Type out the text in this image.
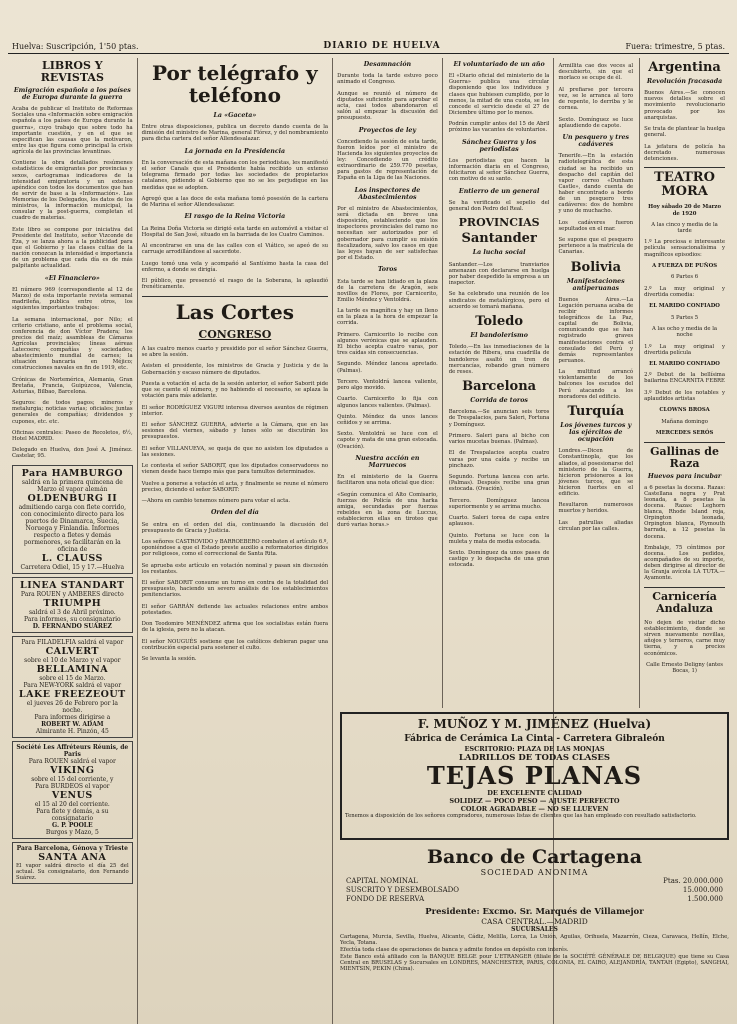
Huelva: Suscripción, 1'50 ptas.	DIARIO DE HUELVA	Fuera: trimestre, 5 ptas.
LIBROS Y REVISTAS
Emigración española a los países de Europa durante la guerra

Acaba de publicar el Instituto de Reformas Sociales una «Información sobre emigración española a los países de Europa durante la guerra», cuyo trabajo que sobre todo ha importante cuestión, y en el que se especifican las causas que la motivaron, entre las que figura como principal la crisis agrícola de las provincias levantinas.

Contiene la obra detallados resúmenes estadísticos de emigrantes por provincias y sexos, cartogramas indicadores de la intensidad emigratoria y un extenso apéndice con todos los documentos que han de servir de base a la «Información». Las Memorias de los Delegados, los datos de los ministros, la información municipal, la consular y la post-guerra, completan el cuadro de materias.

Este libro se compone por iniciativa del Presidente del Instituto, señor Vizconde de Eza, y se lanza ahora a la publicidad para que el Gobierno y las clases cultas de la nación conozcan la intensidad e importancia de un problema que cada día es de más palpitante actualidad.

«El Financiero»

El número 969 (correspondiente al 12 de Marzo) de esta importante revista semanal madrileña, publica entre otros, los siguientes importantes trabajos:

La semana internacional, por Nilo; el criterio cristiano, ante el problema social, conferencia de don Víctor Pradera; los precios del maíz; asambleas de Cámaras Agrícolas provinciales; líneas aéreas Latecoere; compañías y sociedades; abastecimiento mundial de carnes; la situación bancaria en Méjico; construcciones navales en fin de 1919, etc.

Crónicas de Nortemérica, Alemania, Gran Bretaña, Francia, Guipúzcoa, Valencia, Asturias, Bilbao, Barcelona.

Seguros: de todos pagos; mineros y metalurgia; noticias varias; oficiales; juntas generales de compañías; dividendos y cupones, etc. etc.

Oficinas centrales: Paseo de Recoletos, 6½, Hotel MADRID.

Delegado en Huelva, don José A. Jiménez. Castelar, 95.

Para HAMBURGO
saldrá en la primera quincena de Marzo el vapor alemán
OLDENBURG II
admitiendo carga con flete corrido, con conocimiento directo para los puertos de Dinamarca, Suecia, Noruega y Finlandia. Informes respecto a fletes y demás pormenores, se facilitarán en la oficina de
L. CLAUSS
Carretera Odiel, 15 y 17.—Huelva
LINEA STANDART
Para ROUEN y AMBERES directo
TRIUMPH
saldrá el 3 de Abril próximo.
Para informes, su consignatario
D. FERNANDO SUAREZ
Para FILADELFIA saldrá el vapor
CALVERT
sobre el 10 de Marzo y el vapor
BELLAMINA
sobre el 15 de Marzo.
Para NEW-YORK saldrá el vapor
LAKE FREEZEOUT
el jueves 26 de Febrero por la noche.
Para informes dirigirse a
ROBERT W. ADAM
Almirante H. Pinzón, 45
Société Les Affréteurs Réunis, de Paris
Para ROUEN saldrá el vapor
VIKING
sobre el 15 del corriente, y
Para BURDEOS el vapor
VENUS
el 15 al 20 del corriente.
Para flete y demás, a su consignatario
G. P. POOLE
Burgos y Mazo, 5
Para Barcelona, Génova y Trieste
SANTA ANA
El vapor saldrá directo el día 25 del actual. Su consignatario, don Fernando Suárez.
Por telégrafo y teléfono
La «Gaceta»

Entre otras disposiciones, publica un decreto dando cuenta de la dimisión del ministro de Marina, general Flórez, y del nombramiento para dicha cartera del señor Allendesalazar.

La jornada en la Presidencia

En la conversación de esta mañana con los periodistas, les manifestó el señor Canals que el Presidente había recibido un extenso telegrama firmado por todas las sociedades de propietarios catalanes, pidiendo al Gobierno que no se les perjudique en las medidas que se adopten.

Agregó que a las doce de esta mañana tomó posesión de la cartera de Marina el señor Allendesalazar.

El rasgo de la Reina Victoria

La Reina Doña Victoria se dirigió esta tarde en automóvil a visitar el Hospital de San José, situado en la barriada de los Cuatro Caminos.

Al encontrarse en una de las calles con el Viático, se apeó de su carruaje arrodillándose al sacerdote.

Luego tomó una vela y acompañó al Santísimo hasta la casa del enfermo, a donde se dirigía.

El público, que presenció el rasgo de la Soberana, la aplaudió frenéticamente.

Las Cortes
CONGRESO

A las cuatro menos cuarto y presidido por el señor Sánchez Guerra, se abre la sesión.

Asisten el presidente, los ministros de Gracia y Justicia y de la Gobernación y escaso número de diputados.

Puesta a votación el acta de la sesión anterior, el señor Saborit pide que se cuente el número, y no habiendo el necesario, se aplaza la votación para más adelante.

El señor RODRÍGUEZ VIGURI interesa diversos asuntos de régimen interior.

El señor SÁNCHEZ GUERRA, advierte a la Cámara, que en las sesiones del viernes, sábado y lunes sólo se discutirán los presupuestos.

El señor VILLANUEVA, se queja de que no asisten los diputados a las sesiones.

Le contesta el señor SABORIT, que los diputados conservadores no vienen desde hace tiempo más que para tumultos determinados.

Vuelve a ponerse a votación el acta, y finalmente se reune el número preciso, diciendo el señor SABORIT:

—Ahora en cambio tenemos número para votar el acta.

Orden del día

Se entra en el orden del día, continuando la discusión del presupuesto de Gracia y Justicia.

Los señores CASTROVIDO y BARROEBERO combaten el artículo 6.º, oponiéndose a que el Estado preste auxilio a reformatorios dirigidos por religiosos, como el correccional de Santa Rita.

Se aprueba este artículo en votación nominal y pasan sin discusión los restantes.

El señor SABORIT consume un turno en contra de la totalidad del presupuesto, haciendo un severo análisis de los establecimientos penitenciarios.

El señor GARRÁN defiende las actuales relaciones entre ambos potestades.

Don Teodomiro MENÉNDEZ afirma que los socialistas están fuera de la iglesia, pero no la atacan.

El señor NOUGUÉS sostiene que los católicos debieran pagar una contribución especial para sostener el culto.

Se levanta la sesión.

Desamnación

Durante toda la tarde estuvo poco animado el Congreso.

Aunque se reunió el número de diputados suficiente para aprobar el acta, casi todos abandonaron el salón al empezar la discusión del presupuesto.

Proyectos de ley

Concediendo la sesión de esta tarde, fueron leídos por el ministro de Hacienda los siguientes proyectos de ley: Concediendo un crédito extraordinario de 259.770 pesetas, para gastos de representación de España en la Liga de las Naciones.

Los inspectores de Abastecimientos

Por el ministro de Abastecimientos, será dictada en breve una disposición, estableciendo que los inspectores provinciales del ramo no necesitan ser autorizados por el gobernador para cumplir su misión fiscalizadora, salvo los casos en que las leyes hayan de ser satisfechas por el Estado.

Toros

Esta tarde se han lidiado en la plaza de la carretera de Aragón, seis novillos de Flores, por Carnicerito, Emilio Méndez y Ventoldrá.

La tarde es magnífica y hay un lleno en la plaza a la hora de empezar la corrida.

Primero. Carnicerito lo recibe con algunos verónicas que se aplauden. El bicho acepta cuatro varas, por tres caídas sin consecuencias.

Segundo. Méndez lancea apretado. (Palmas).

Tercero. Ventoldrá lancea valiente, pero algo movido.

Cuarto. Carnicerito lo fija con algunos lances valientes. (Palmas).

Quinto. Méndez da unos lances ceñidos y se arrima.

Sexto. Ventoldrá se luce con el capote y mata de una gran estocada. (Ovación).

Nuestra acción en Marruecos

En el ministerio de la Guerra facilitaron una nota oficial que dice:

«Según comunica el Alto Comisario, fuerzas de Policía de una harka amiga, secundadas por fuerzas rebeldes en la zona de Luccus, establecieron ellas en tiroteo que duró varias horas.»

El voluntariado de un año

El «Diario oficial del ministerio de la Guerra» publica una circular disponiendo que los individuos y clases que hubiesen cumplido, por lo menos, la mitad de una cuota, se les concede el servicio desde el 27 de Diciembre último por lo menos.

Podrán cumplir antes del 15 de Abril próximo las vacantes de voluntarios.

Sánchez Guerra y los periodistas

Los periodistas que hacen la información diaria en el Congreso, felicitaron al señor Sánchez Guerra, con motivo de su santo.

Entierro de un general

Se ha verificado el sepelio del general don Pedro del Real.

PROVINCIAS
Santander
La lucha social

Santander.—Los tranviarios amenazan con declararse en huelga por haber despedido la empresa a un inspector.

Se ha celebrado una reunión de los sindicatos de metalúrgicos, pero el acuerdo se tomará mañana.

Toledo
El bandolerismo

Toledo.—En las inmediaciones de la estación de Ribera, una cuadrilla de bandoleros asaltó un tren de mercancías, robando gran número de reses.

Barcelona
Corrida de toros

Barcelona.—Se anuncian seis toros de Trespalacios, para Saleri, Fortuna y Domínguez.

Primero. Saleri para al bicho con varios mucetas buenas. (Palmas).

El de Trespalacios acepta cuatro varas por una caída y recibe un pinchazo.

Segundo. Fortuna lancea con arte. (Palmas). Después recibe una gran estocada. (Ovación).

Tercero. Domínguez lancea superiormente y se arrima mucho.

Cuarto. Saleri torea de capa entre aplausos.

Quinto. Fortuna se luce con la muleta y mata de media estocada.

Sexto. Domínguez da unos pases de castigo y lo despacha de una gran estocada.

Armillita cae dos veces al descubierto, sin que el morlaco se ocupe de él.

Al prefiarse por tercera vez, se le arranca al toro de repente, lo derriba y le cornea.

Sexto. Domínguez se luce aplaudiendo de capote.

Un pesquero y tres cadáveres

Tenerife.—En la estación radiotelegráfica de esta ciudad se ha recibido un despacho del capitán del vapor correo «Dunham Castle», dando cuenta de haber encontrado a bordo de un pesquero tres cadáveres: dos de hombre y uno de muchacho.

Los cadáveres fueron sepultados en el mar.

Se supone que el pesquero pertenece a la matrícula de Canarias.

Bolivia
Manifestaciones antiperuanas

Buenos Aires.—La Legación peruana acaba de recibir informes telegráficos de La Paz, capital de Bolivia, comunicando que se han registrado graves manifestaciones contra el consulado del Perú y demás representantes peruanos.

La multitud arrancó violentamente de los balcones los escudos del Perú atacando a los moradores del edificio.

Turquía
Los jóvenes turcos y las ejércitos de ocupación

Londres.—Dicen de Constantinopla, que los aliados, al posesionarse del ministerio de la Guerra, hicieron prisioneros a los jóvenes turcos, que se hicieron fuertes en el edificio.

Resultaron numerosos muertos y heridos.

Las patrullas aliadas circulan por las calles.

Argentina
Revolución fracasada

Buenos Aires.—Se conocen nuevos detalles sobre el movimiento revolucionario provocado por los anarquistas.

Se trata de plantear la huelga general.

La jefatura de policía ha decretado numerosas detenciones.

TEATRO MORA

Hoy sábado 20 de Marzo de 1920

A las cinco y media de la tarde

1.º La preciosa e interesante película sensacionalísima y magníficos episodios:

A FUERZA DE PUÑOS

6 Partes 6

2.º La muy original y divertida comedia:

EL MARIDO CONFIADO

5 Partes 5

A las ocho y media de la noche

1.º La muy original y divertida película

EL MARIDO CONFIADO

2.º Debut de la bellísima bailarina ENCARNITA FEBRE

3.º Debut de los notables y aplaudidos artistas

CLOWNS BROSA

Mañana domingo

MERCEDES SERÓS

Gallinas de Raza
Huevos para incubar

a 6 pesetas la docena. Razas: Castellana negra y Prat leonada, a 8 pesetas la docena. Razas: Leghorn blanca, Rhode Island roja, Orpington leonada, Orpington blanca, Plymouth barrada, a 12 pesetas la docena.

Embalaje, 75 céntimos por docena. Los pedidos, acompañados de su importe, deben dirigirse al director de la Granja avícola LA TUTA.—Ayamonte.

Carnicería Andaluza

No dejen de visitar dicho establecimiento, donde se sirven nuevamente novillas, añojos y terneros, carne muy tierna, y a precios económicos.

Calle Ernesto Deligny (antes Bocas, 1)

F. MUÑOZ Y M. JIMÉNEZ (Huelva)
Fábrica de Cerámica La Cinta - Carretera Gibraleón
ESCRITORIO: PLAZA DE LAS MONJAS
LADRILLOS DE TODAS CLASES
TEJAS PLANAS
DE EXCELENTE CALIDAD
SOLIDEZ — POCO PESO — AJUSTE PERFECTO
COLOR AGRADABLE — NO SE LLUEVEN
Tenemos a disposición de los señores compradores, numerosas listas de clientes que las han empleado con resultado satisfactorio.
Banco de Cartagena
SOCIEDAD ANONIMA
CAPITAL NOMINAL	Ptas. 20.000.000
SUSCRITO Y DESEMBOLSADO	15.000.000
FONDO DE RESERVA	1.500.000
Presidente: Excmo. Sr. Marqués de Villamejor
CASA CENTRAL.—MADRID
SUCURSALES

Cartagena, Murcia, Sevilla, Huelva, Alicante, Cádiz, Melilla, Lorca, La Unión, Aguilas, Orihuela, Mazarrón, Cieza, Caravaca, Hellín, Elche, Yecla, Totana.

Efectúa toda clase de operaciones de banca y admite fondos en depósito con interés.

Este Banco está afiliado con la BANQUE BELGE pour L'ETRANGER (filiale de la SOCIÉTÉ GÉNÉRALE DE BELGIQUE) que tiene su Casa Central en BRUSELAS y Sucursales en LONDRES, MANCHESTER, PARIS, COLONIA, EL CAIRO, ALEJANDRÍA, TANTAH (Egipto), SANGHAI, MIENTSIN, PEKIN (China).
